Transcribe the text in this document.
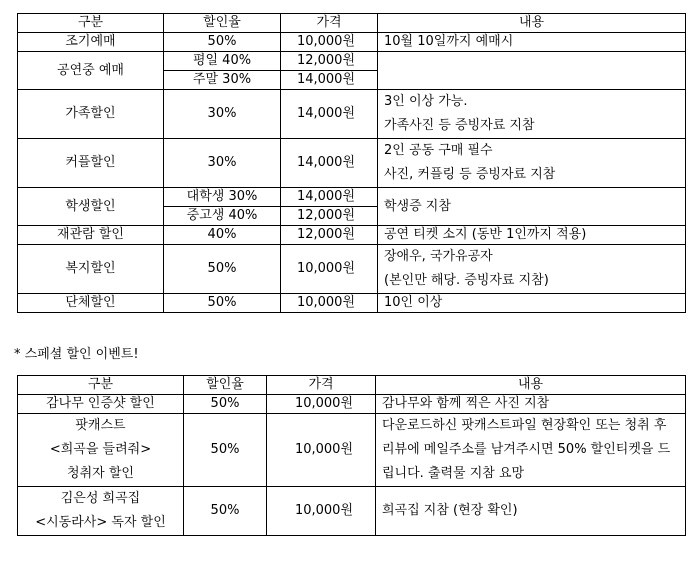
구분	할인율	가격	내용
조기예매	50%	10,000원	10월 10일까지 예매시
공연중 예매	평일 40%	12,000원	
	주말 30%	14,000원	
가족할인	30%	14,000원	3인 이상 가능.
가족사진 등 증빙자료 지참

커플할인	30%	14,000원	2인 공동 구매 필수
사진, 커플링 등 증빙자료 지참

학생할인	대학생 30%	14,000원	학생증 지참
	중고생 40%	12,000원	
재관람 할인	40%	12,000원	공연 티켓 소지 (동반 1인까지 적용)
복지할인	50%	10,000원	장애우, 국가유공자
(본인만 해당. 증빙자료 지참)

단체할인	50%	10,000원	10인 이상
* 스페셜 할인 이벤트!
구분	할인율	가격	내용
감나무 인증샷 할인	50%	10,000원	감나무와 함께 찍은 사진 지참

팟캐스트
<희곡을 들려줘>
청취자 할인	50%	10,000원	다운로드하신 팟캐스트파일 현장확인 또는 청취 후 리뷰에 메일주소를 남겨주시면 50% 할인티켓을 드립니다. 출력물 지참 요망

김은성 희곡집
<시동라사> 독자 할인	50%	10,000원	희곡집 지참 (현장 확인)
